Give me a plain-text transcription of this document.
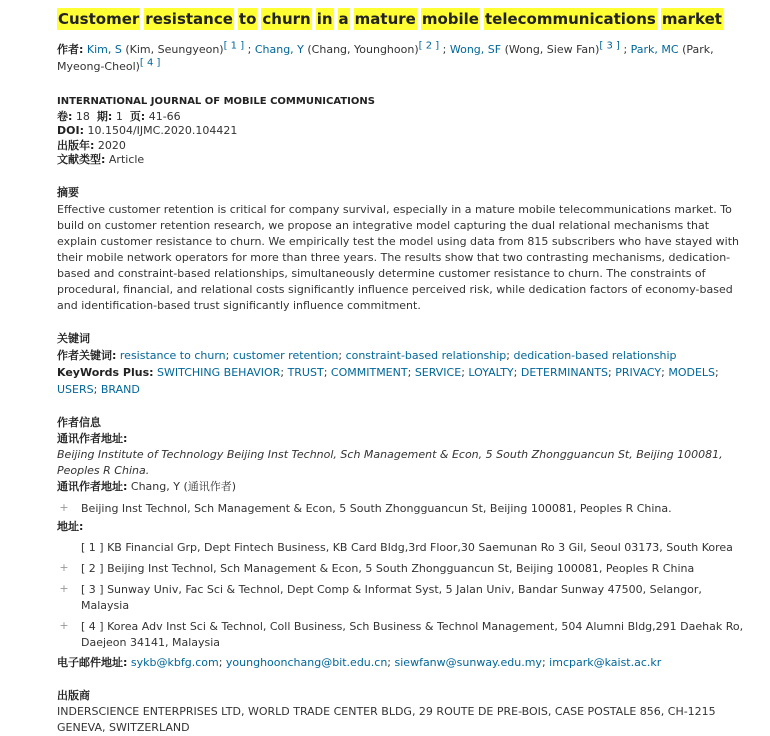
Customer resistance to churn in a mature mobile telecommunications market
作者: Kim, S (Kim, Seungyeon)[ 1 ] ; Chang, Y (Chang, Younghoon)[ 2 ] ; Wong, SF (Wong, Siew Fan)[ 3 ] ; Park, MC (Park, Myeong-Cheol)[ 4 ]
INTERNATIONAL JOURNAL OF MOBILE COMMUNICATIONS
卷: 18 期: 1 页: 41-66
DOI: 10.1504/IJMC.2020.104421
出版年: 2020
文献类型: Article
摘要
Effective customer retention is critical for company survival, especially in a mature mobile telecommunications market. To build on customer retention research, we propose an integrative model capturing the dual relational mechanisms that explain customer resistance to churn. We empirically test the model using data from 815 subscribers who have stayed with their mobile network operators for more than three years. The results show that two contrasting mechanisms, dedication-based and constraint-based relationships, simultaneously determine customer resistance to churn. The constraints of procedural, financial, and relational costs significantly influence perceived risk, while dedication factors of economy-based and identification-based trust significantly influence commitment.
关键词
作者关键词: resistance to churn; customer retention; constraint-based relationship; dedication-based relationship
KeyWords Plus: SWITCHING BEHAVIOR; TRUST; COMMITMENT; SERVICE; LOYALTY; DETERMINANTS; PRIVACY; MODELS; USERS; BRAND
作者信息
通讯作者地址:
Beijing Institute of Technology Beijing Inst Technol, Sch Management & Econ, 5 South Zhongguancun St, Beijing 100081, Peoples R China.
通讯作者地址: Chang, Y (通讯作者)
+ Beijing Inst Technol, Sch Management & Econ, 5 South Zhongguancun St, Beijing 100081, Peoples R China.
地址:
[ 1 ] KB Financial Grp, Dept Fintech Business, KB Card Bldg,3rd Floor,30 Saemunan Ro 3 Gil, Seoul 03173, South Korea
+ [ 2 ] Beijing Inst Technol, Sch Management & Econ, 5 South Zhongguancun St, Beijing 100081, Peoples R China
+ [ 3 ] Sunway Univ, Fac Sci & Technol, Dept Comp & Informat Syst, 5 Jalan Univ, Bandar Sunway 47500, Selangor, Malaysia
+ [ 4 ] Korea Adv Inst Sci & Technol, Coll Business, Sch Business & Technol Management, 504 Alumni Bldg,291 Daehak Ro, Daejeon 34141, Malaysia
电子邮件地址: sykb@kbfg.com; younghoonchang@bit.edu.cn; siewfanw@sunway.edu.my; imcpark@kaist.ac.kr
出版商
INDERSCIENCE ENTERPRISES LTD, WORLD TRADE CENTER BLDG, 29 ROUTE DE PRE-BOIS, CASE POSTALE 856, CH-1215 GENEVA, SWITZERLAND
